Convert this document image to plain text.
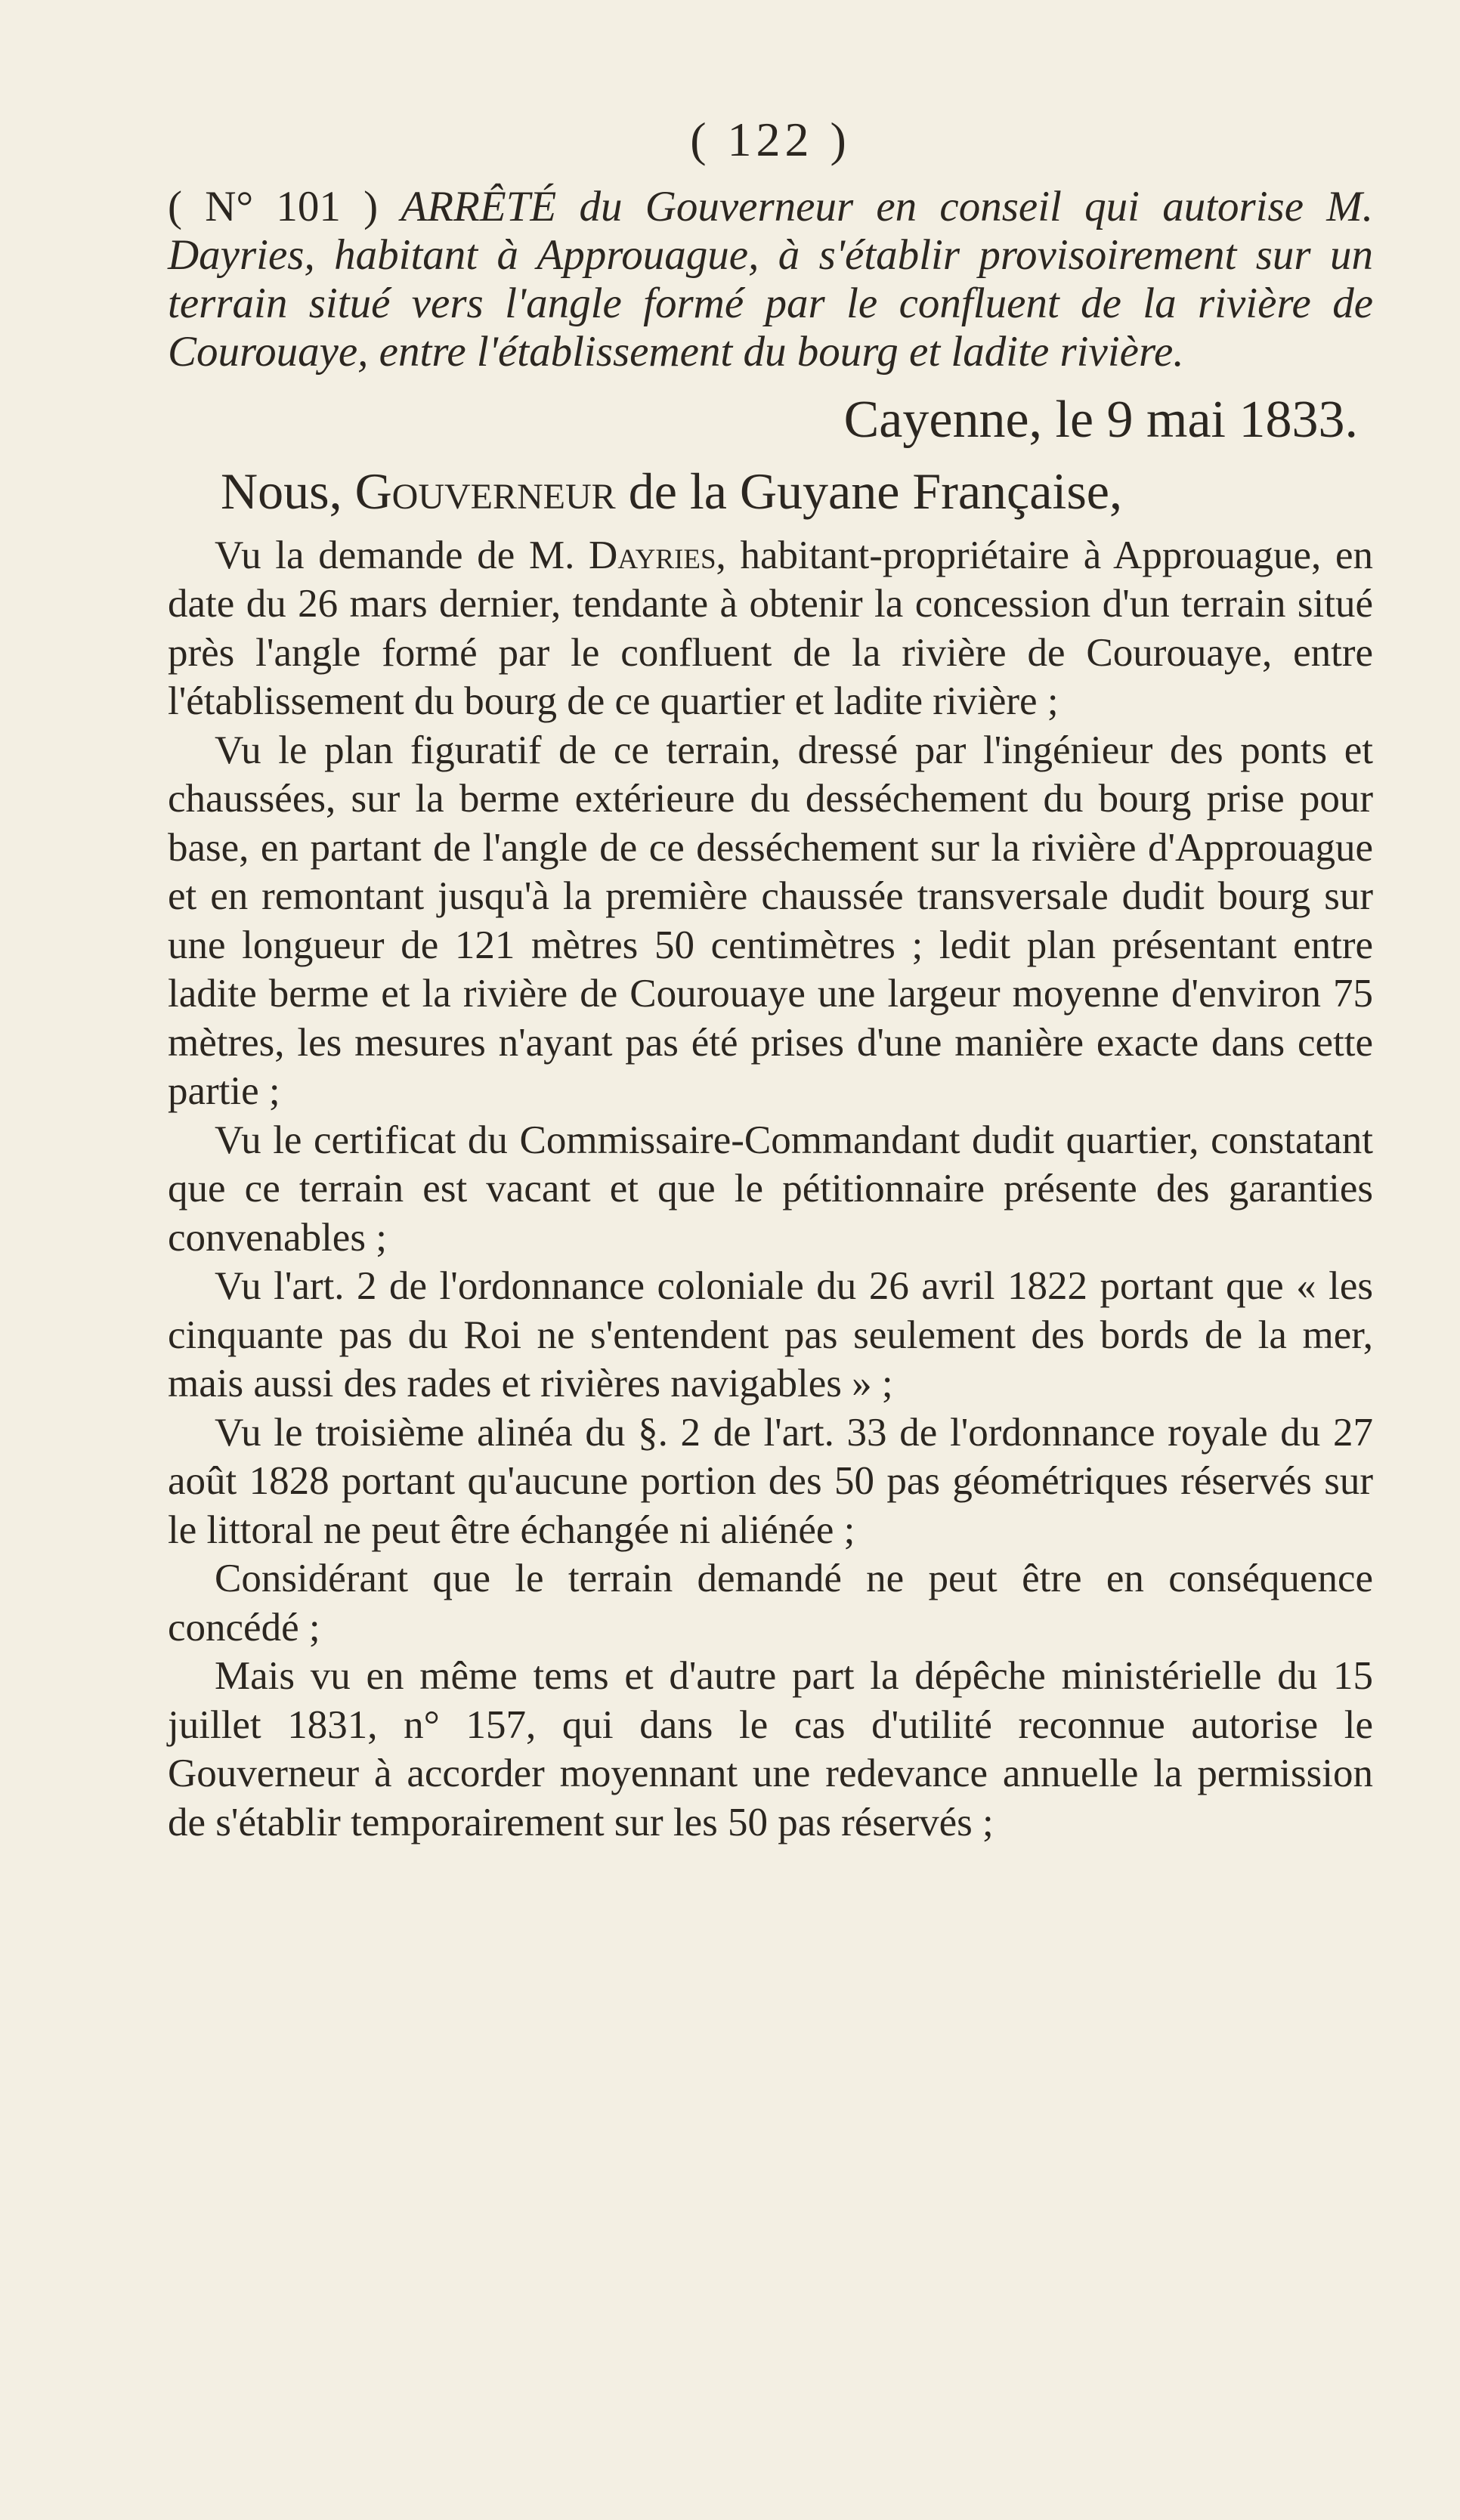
( 122 )

( N° 101 ) ARRÊTÉ du Gouverneur en conseil qui autorise M. Dayries, habitant à Approuague, à s'établir provisoirement sur un terrain situé vers l'angle formé par le confluent de la rivière de Courouaye, entre l'établissement du bourg et ladite rivière.

Cayenne, le 9 mai 1833.
Nous, Gouverneur de la Guyane Française,

Vu la demande de M. Dayries, habitant-propriétaire à Approuague, en date du 26 mars dernier, tendante à obtenir la concession d'un terrain situé près l'angle formé par le confluent de la rivière de Courouaye, entre l'établissement du bourg de ce quartier et ladite rivière ;

Vu le plan figuratif de ce terrain, dressé par l'ingénieur des ponts et chaussées, sur la berme extérieure du desséchement du bourg prise pour base, en partant de l'angle de ce desséchement sur la rivière d'Approuague et en remontant jusqu'à la première chaussée transversale dudit bourg sur une longueur de 121 mètres 50 centimètres ; ledit plan présentant entre ladite berme et la rivière de Courouaye une largeur moyenne d'environ 75 mètres, les mesures n'ayant pas été prises d'une manière exacte dans cette partie ;

Vu le certificat du Commissaire-Commandant dudit quartier, constatant que ce terrain est vacant et que le pétitionnaire présente des garanties convenables ;

Vu l'art. 2 de l'ordonnance coloniale du 26 avril 1822 portant que « les cinquante pas du Roi ne s'entendent pas seulement des bords de la mer, mais aussi des rades et rivières navigables » ;

Vu le troisième alinéa du §. 2 de l'art. 33 de l'ordonnance royale du 27 août 1828 portant qu'aucune portion des 50 pas géométriques réservés sur le littoral ne peut être échangée ni aliénée ;

Considérant que le terrain demandé ne peut être en conséquence concédé ;

Mais vu en même tems et d'autre part la dépêche ministérielle du 15 juillet 1831, n° 157, qui dans le cas d'utilité reconnue autorise le Gouverneur à accorder moyennant une redevance annuelle la permission de s'établir temporairement sur les 50 pas réservés ;
